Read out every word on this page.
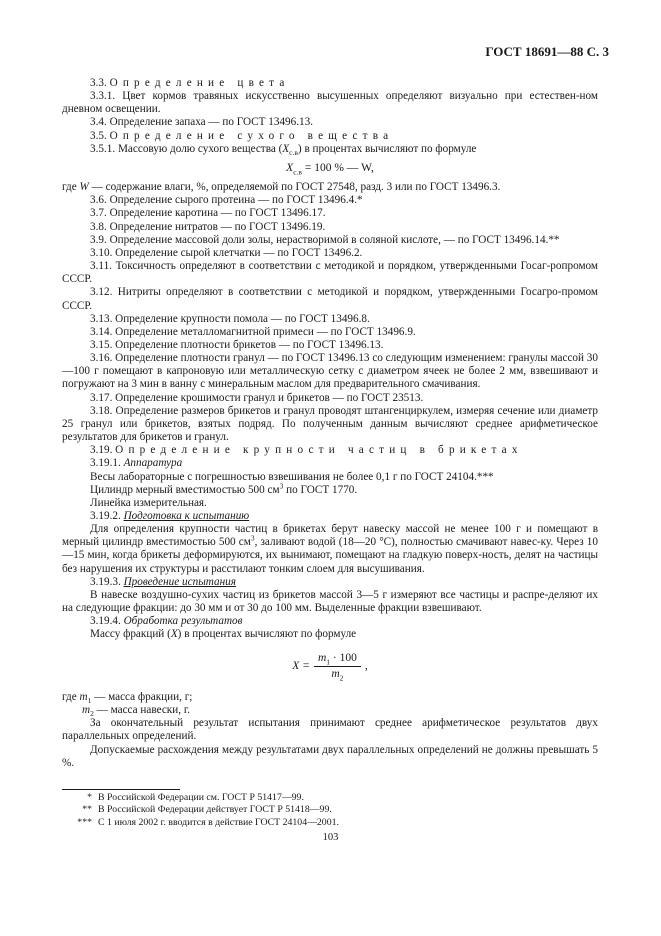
ГОСТ 18691—88 С. 3

3.3. Определение цвета

3.3.1. Цвет кормов травяных искусственно высушенных определяют визуально при естествен-ном дневном освещении.

3.4. Определение запаха — по ГОСТ 13496.13.

3.5. Определение сухого вещества

3.5.1. Массовую долю сухого вещества $(X_{с.в})$ в процентах вычисляют по формуле

$X_{с.в} = 100$ % — W,

где W — содержание влаги, %, определяемой по ГОСТ 27548, разд. 3 или по ГОСТ 13496.3.

3.6. Определение сырого протеина — по ГОСТ 13496.4.*

3.7. Определение каротина — по ГОСТ 13496.17.

3.8. Определение нитратов — по ГОСТ 13496.19.

3.9. Определение массовой доли золы, нерастворимой в соляной кислоте, — по ГОСТ 13496.14.**

3.10. Определение сырой клетчатки — по ГОСТ 13496.2.

3.11. Токсичность определяют в соответствии с методикой и порядком, утвержденными Госаг-ропромом СССР.

3.12. Нитриты определяют в соответствии с методикой и порядком, утвержденными Госагро-промом СССР.

3.13. Определение крупности помола — по ГОСТ 13496.8.

3.14. Определение металломагнитной примеси — по ГОСТ 13496.9.

3.15. Определение плотности брикетов — по ГОСТ 13496.13.

3.16. Определение плотности гранул — по ГОСТ 13496.13 со следующим изменением: гранулы массой 30—100 г помещают в капроновую или металлическую сетку с диаметром ячеек не более 2 мм, взвешивают и погружают на 3 мин в ванну с минеральным маслом для предварительного смачивания.

3.17. Определение крошимости гранул и брикетов — по ГОСТ 23513.

3.18. Определение размеров брикетов и гранул проводят штангенциркулем, измеряя сечение или диаметр 25 гранул или брикетов, взятых подряд. По полученным данным вычисляют среднее арифметическое результатов для брикетов и гранул.

3.19. Определение крупности частиц в брикетах

3.19.1. Аппаратура

Весы лабораторные с погрешностью взвешивания не более 0,1 г по ГОСТ 24104.***

Цилиндр мерный вместимостью 500 $см^3$ по ГОСТ 1770.

Линейка измерительная.

3.19.2. Подготовка к испытанию

Для определения крупности частиц в брикетах берут навеску массой не менее 100 г и помещают в мерный цилиндр вместимостью 500 $см^3$, заливают водой (18—20 °С), полностью смачивают навес-ку. Через 10—15 мин, когда брикеты деформируются, их вынимают, помещают на гладкую поверх-ность, делят на частицы без нарушения их структуры и расстилают тонким слоем для высушивания.

3.19.3. Проведение испытания

В навеске воздушно-сухих частиц из брикетов массой 3—5 г измеряют все частицы и распре-деляют их на следующие фракции: до 30 мм и от 30 до 100 мм. Выделенные фракции взвешивают.

3.19.4. Обработка результатов

Массу фракций (X) в процентах вычисляют по формуле

$X = \frac{m_1 \cdot 100}{m_2}$ ,

где $m_1$ — масса фракции, г;

$m_2$ — масса навески, г.

За окончательный результат испытания принимают среднее арифметическое результатов двух параллельных определений.

Допускаемые расхождения между результатами двух параллельных определений не должны превышать 5 %.

* В Российской Федерации см. ГОСТ Р 51417—99.

** В Российской Федерации действует ГОСТ Р 51418—99.

*** С 1 июля 2002 г. вводится в действие ГОСТ 24104—2001.

103
